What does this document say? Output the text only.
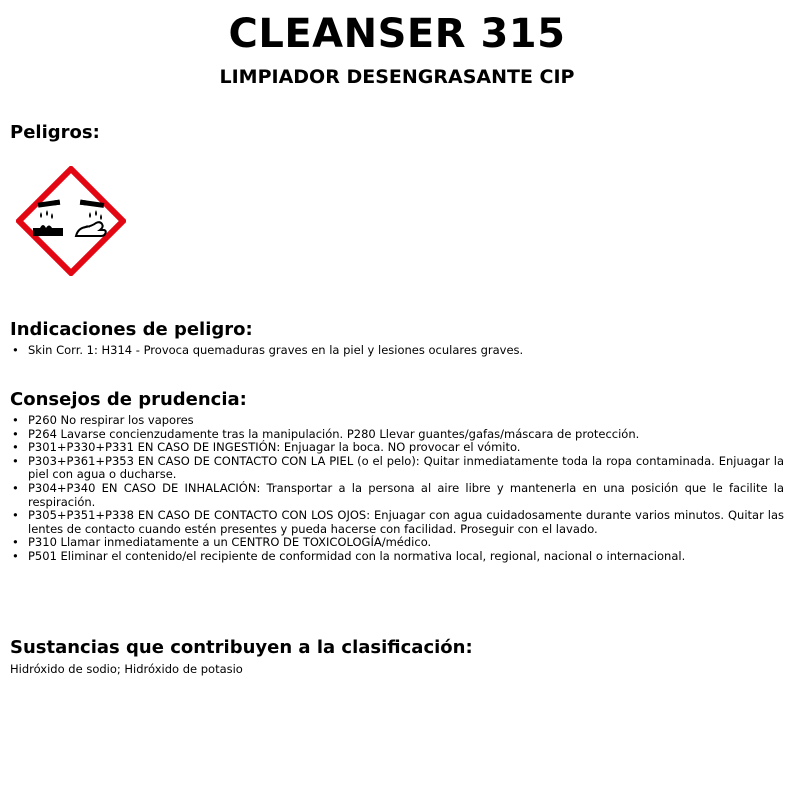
CLEANSER 315
LIMPIADOR DESENGRASANTE CIP
Peligros:
Indicaciones de peligro:
• Skin Corr. 1: H314 - Provoca quemaduras graves en la piel y lesiones oculares graves.
Consejos de prudencia:
• P260 No respirar los vapores
• P264 Lavarse concienzudamente tras la manipulación. P280 Llevar guantes/gafas/máscara de protección.
• P301+P330+P331 EN CASO DE INGESTIÓN: Enjuagar la boca. NO provocar el vómito.
• P303+P361+P353 EN CASO DE CONTACTO CON LA PIEL (o el pelo): Quitar inmediatamente toda la ropa contaminada. Enjuagar la piel con agua o ducharse.
• P304+P340 EN CASO DE INHALACIÓN: Transportar a la persona al aire libre y mantenerla en una posición que le facilite la respiración.
• P305+P351+P338 EN CASO DE CONTACTO CON LOS OJOS: Enjuagar con agua cuidadosamente durante varios minutos. Quitar las lentes de contacto cuando estén presentes y pueda hacerse con facilidad. Proseguir con el lavado.
• P310 Llamar inmediatamente a un CENTRO DE TOXICOLOGÍA/médico.
• P501 Eliminar el contenido/el recipiente de conformidad con la normativa local, regional, nacional o internacional.
Sustancias que contribuyen a la clasificación:
Hidróxido de sodio; Hidróxido de potasio
